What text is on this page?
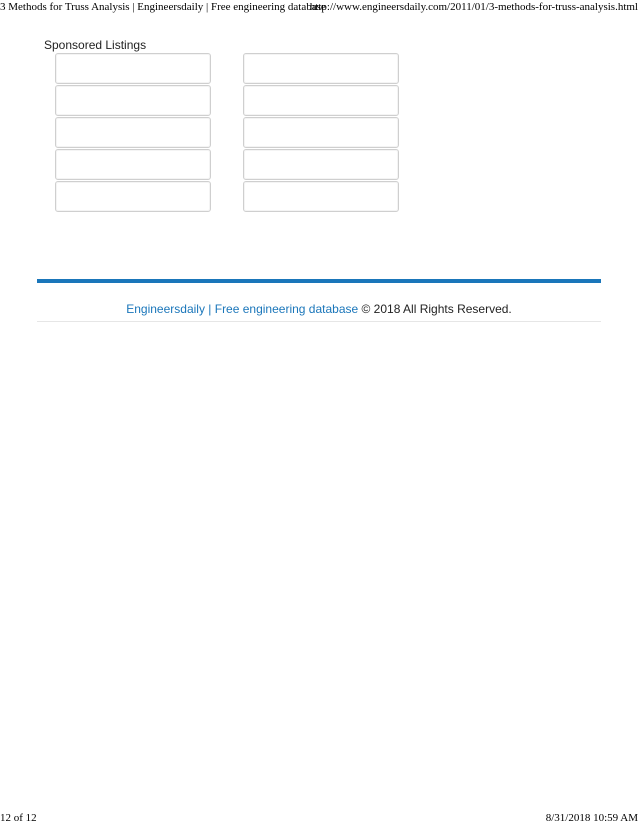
3 Methods for Truss Analysis | Engineersdaily | Free engineering database
http://www.engineersdaily.com/2011/01/3-methods-for-truss-analysis.html
Sponsored Listings
Engineersdaily | Free engineering database © 2018 All Rights Reserved.
12 of 12	8/31/2018 10:59 AM
